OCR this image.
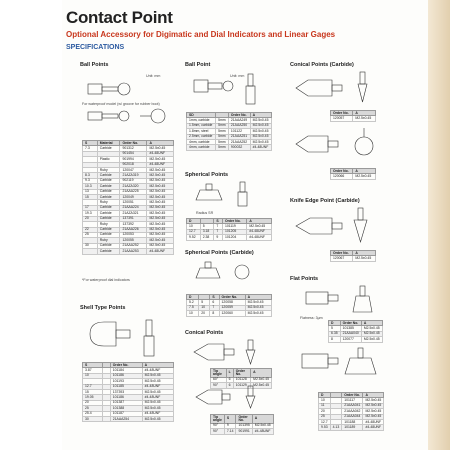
Contact Point
Optional Accessory for Digimatic and Dial Indicators and Linear Gages
SPECIFICATIONS
Ball Points
Unit: mm
For waterproof model (w/ groove for rubber boot)
S	Material	Order No.	A
7.3	Carbide	901312	M2.5x0.45
		901454	#4-48UNF
	Plastic	901994	M2.5x0.45
		902018	#4-48UNF
	Ruby	120047	M2.5x0.45
8.3	Carbide	21AZA319	M2.5x0.45
9.3	Carbide	902119	M2.5x0.45
10.3	Carbide	21AZA320	M2.5x0.45
13	Carbide	21AAA225	M2.5x0.45
15	Carbide	120049	M2.5x0.45
	Ruby	120051	M2.5x0.45
17	Carbide	21AAA224	M2.5x0.45
19.3	Carbide	21AZA321	M2.5x0.45
20	Carbide	137391	M2.5x0.45
	Ruby	137392	M2.5x0.45
22	Carbide	21AAA226	M2.5x0.45
25	Carbide	120053	M2.5x0.45
	Ruby	120055	M2.5x0.45
30	Carbide	21AAA252	M2.5x0.45
	Carbide	21AAA253	#4-48UNF
*For waterproof dial indicators
Shell Type Points
S		Order No.	A
3.87		101184	#4-48UNF
10		101186	M2.5x0.45
		101193	M2.5x0.45
12.7		101185	#4-48UNF
15		137393	M2.5x0.45
19.05		101186	#4-48UNF
20		101387	M2.5x0.45
25		101388	M2.5x0.45
25.4		101187	#4-48UNF
30		21AAA254	M2.5x0.45
Ball Point
Unit: mm
SD		Order No.	A
1mm, carbide	5mm	21AAA249	M2.5x0.45
1.5mm, carbide	5mm	21AAA250	M2.5x0.45
1.8mm, steel	5mm	101122	M2.5x0.45
2.5mm, carbide	5mm	21AAA251	M2.5x0.45
4mm, carbide	5mm	21AAA252	M2.5x0.45
4mm, carbide	5mm	900032	#4-48UNF
Spherical Points
Radius SR
D		S	Order No.	A
10	5	7	101119	M2.5x0.45
12.7	3.18	7	101205	#4-48UNF
9.52	2.38	9	101204	#4-48UNF
Spherical Points (Carbide)
D		S	Order No.	A
5.2	5	6	120058	M2.5x0.45
7.5	10	7	120059	M2.5x0.45
10	20	8	120060	M2.5x0.45
Conical Points
Tip angle	L	Order No.	A
60°	6	101128	M2.5x0.45
90°	6	101129	M2.5x0.45
Tip angle	S	Order No.	A
90°	9	101395	M2.5x0.45
90°	7.14	901991	#4-48UNF
Conical Points (Carbide)
Order No.	A
120057	M2.5x0.45
Order No.	A
120066	M2.5x0.45
Knife Edge Point (Carbide)
Order No.	A
120067	M2.5x0.45
Flat Points
Flatness: 3µm
D	Order No.	A
5	101385	M2.5x0.45
6.35	21AAA040	M2.5x0.45
8	120077	M2.5x0.45
D		Order No.	A
10		101117	M2.5x0.45
11		21AAA041	M2.5x0.45
20		21AAA042	M2.5x0.45
25		21AAA044	M2.5x0.45
12.7		101188	#4-48UNF
9.53	4.13	101189	#4-48UNF
